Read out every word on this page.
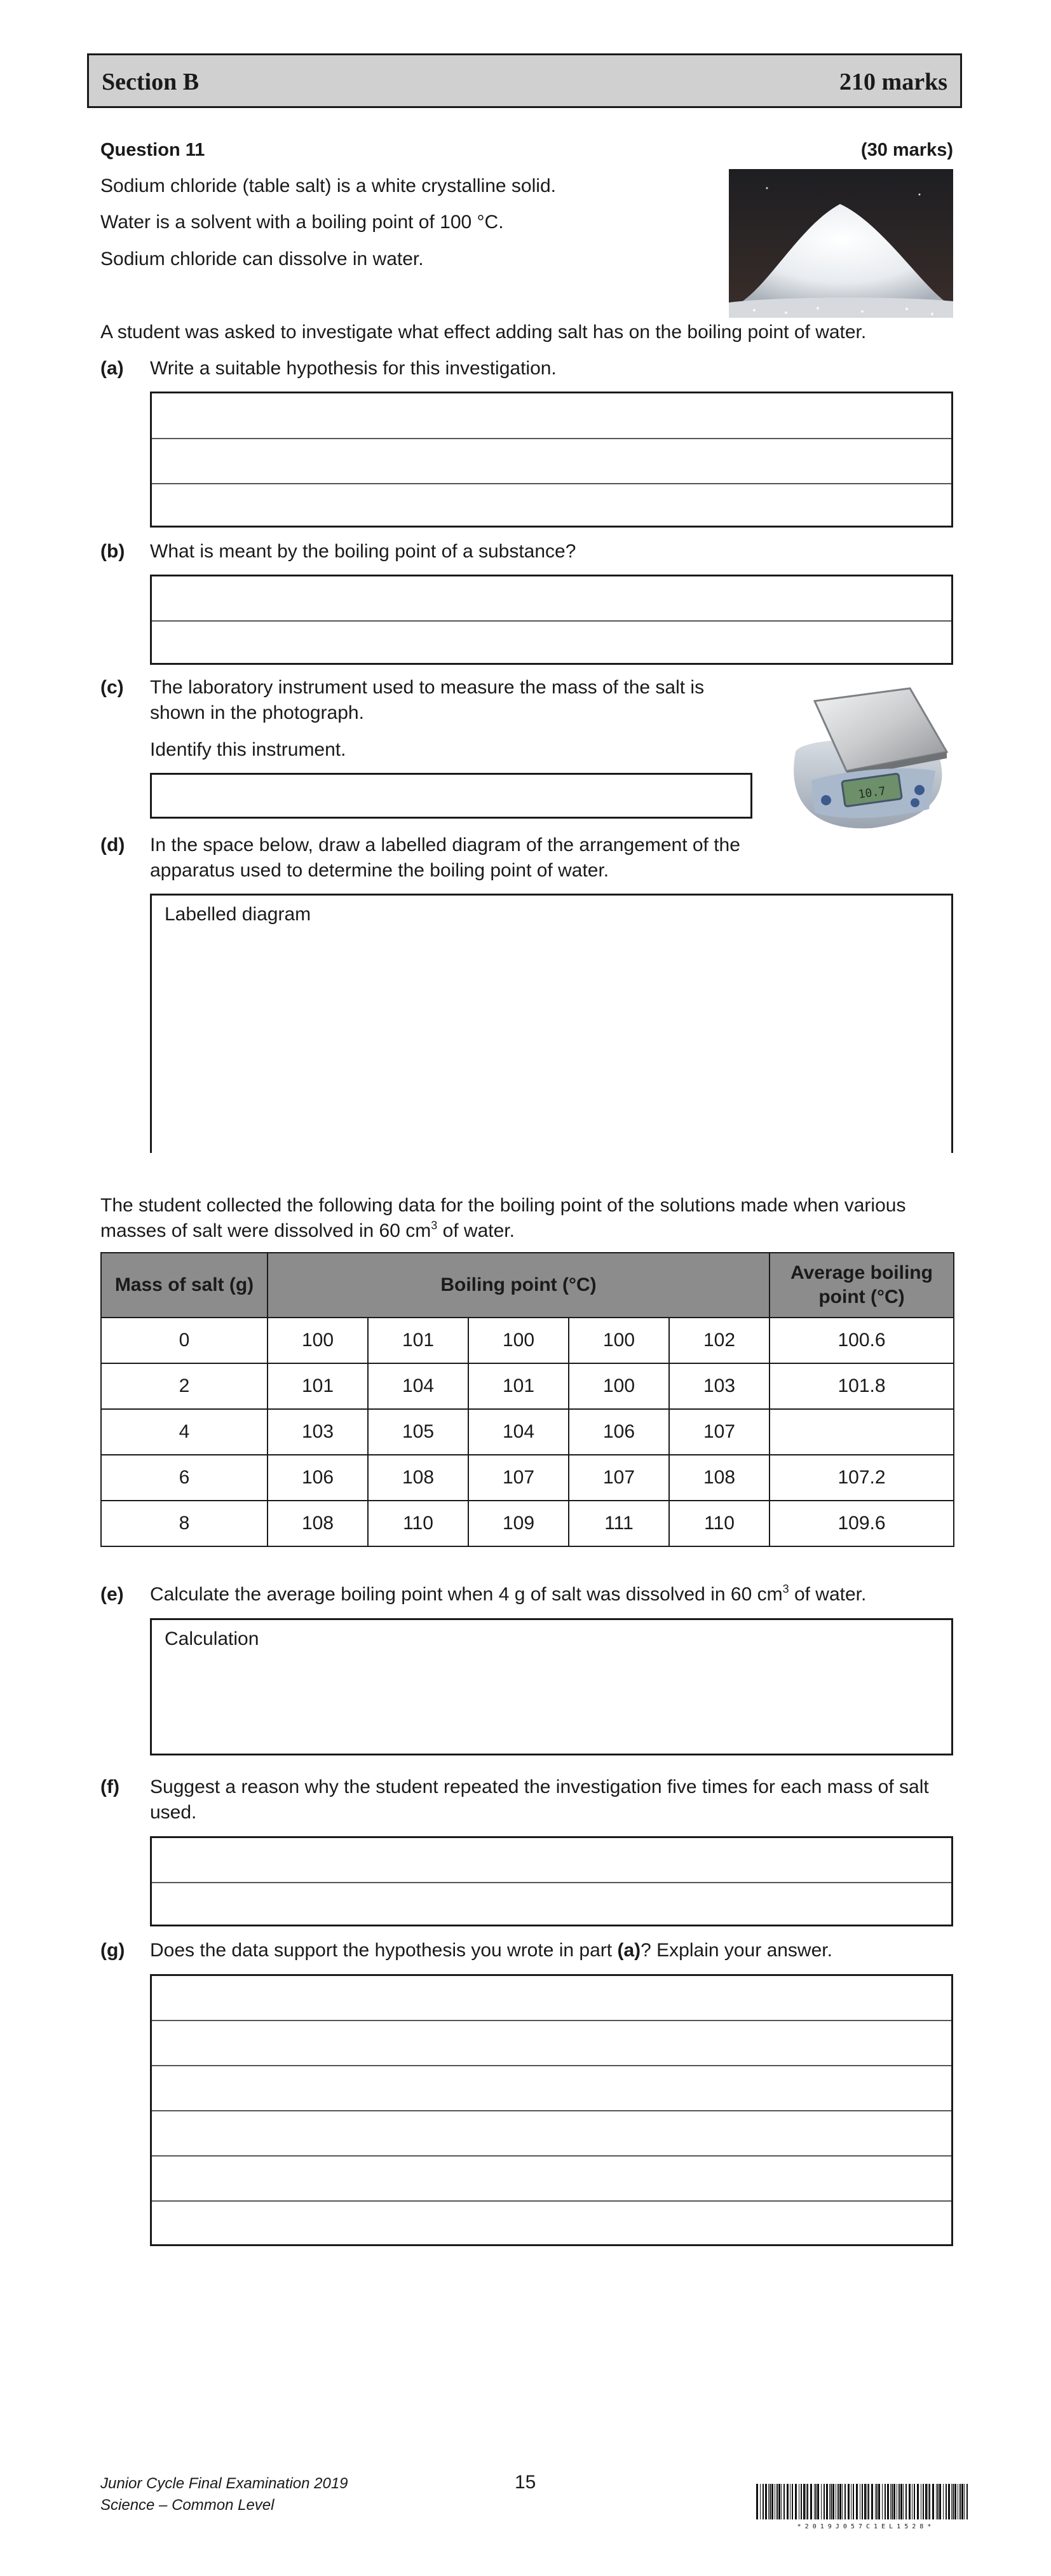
Section B	210 marks
Question 11	(30 marks)
Sodium chloride (table salt) is a white crystalline solid.
Water is a solvent with a boiling point of 100 °C.
Sodium chloride can dissolve in water.
A student was asked to investigate what effect adding salt has on the boiling point of water.
(a) Write a suitable hypothesis for this investigation.
(b) What is meant by the boiling point of a substance?
(c) The laboratory instrument used to measure the mass of the salt is
shown in the photograph.
Identify this instrument.
10.7
(d) In the space below, draw a labelled diagram of the arrangement of the
apparatus used to determine the boiling point of water.
Labelled diagram
The student collected the following data for the boiling point of the solutions made when various
masses of salt were dissolved in 60 $cm^3$ of water.
Mass of salt (g)	Boiling point (°C)					Average boiling
point (°C)
0	100	101	100	100	102	100.6
2	101	104	101	100	103	101.8
4	103	105	104	106	107	
6	106	108	107	107	108	107.2
8	108	110	109	111	110	109.6
(e) Calculate the average boiling point when 4 g of salt was dissolved in 60 $cm^3$ of water.
Calculation
(f) Suggest a reason why the student repeated the investigation five times for each mass of salt
used.
(g) Does the data support the hypothesis you wrote in part (a)? Explain your answer.
Junior Cycle Final Examination 2019
Science – Common Level
15
* 2 0 1 9 J 0 5 7 C 1 E L 1 5 2 8 *
